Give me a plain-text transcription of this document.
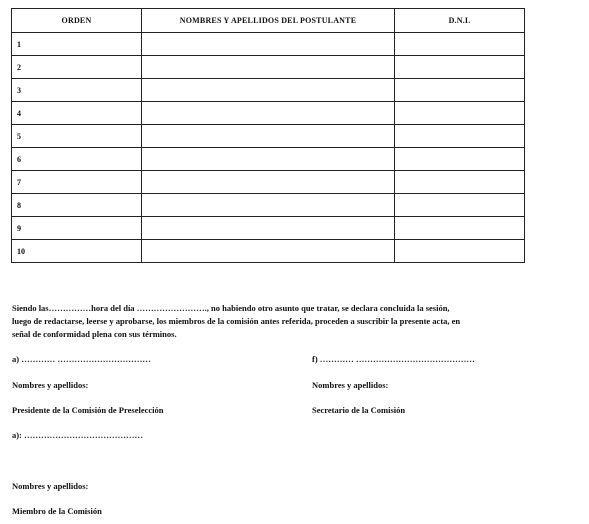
ORDEN	NOMBRES Y APELLIDOS DEL POSTULANTE	D.N.I.
1		
2		
3		
4		
5		
6		
7		
8		
9		
10		
Siendo las……………hora del día ……………………., no habiendo otro asunto que tratar, se declara concluida la sesión,
luego de redactarse, leerse y aprobarse, los miembros de la comisión antes referida, proceden a suscribir la presente acta, en
señal de conformidad plena con sus términos.
a) ………… ……………………………	f) ………… ……………………………………
Nombres y apellidos:	Nombres y apellidos:
Presidente de la Comisión de Preselección	Secretario de la Comisión
a): ……………………………………
Nombres y apellidos:
Miembro de la Comisión
